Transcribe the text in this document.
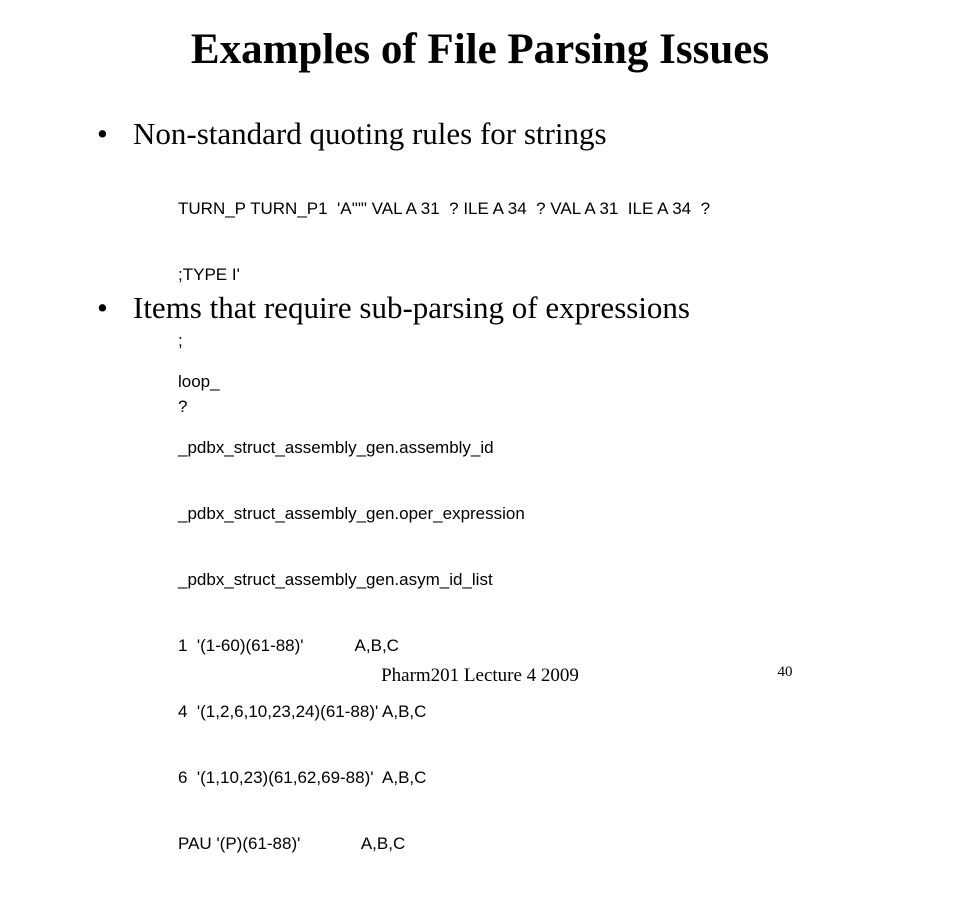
Examples of File Parsing Issues
• Non-standard quoting rules for strings

TURN_P TURN_P1  'A'"" VAL A 31  ? ILE A 34  ? VAL A 31  ILE A 34  ?

;TYPE I'

;

?

• Items that require sub-parsing of expressions

loop_

_pdbx_struct_assembly_gen.assembly_id

_pdbx_struct_assembly_gen.oper_expression

_pdbx_struct_assembly_gen.asym_id_list

1  '(1-60)(61-88)'           A,B,C

4  '(1,2,6,10,23,24)(61-88)' A,B,C

6  '(1,10,23)(61,62,69-88)'  A,B,C

PAU '(P)(61-88)'             A,B,C

Pharm201 Lecture 4 2009	40
